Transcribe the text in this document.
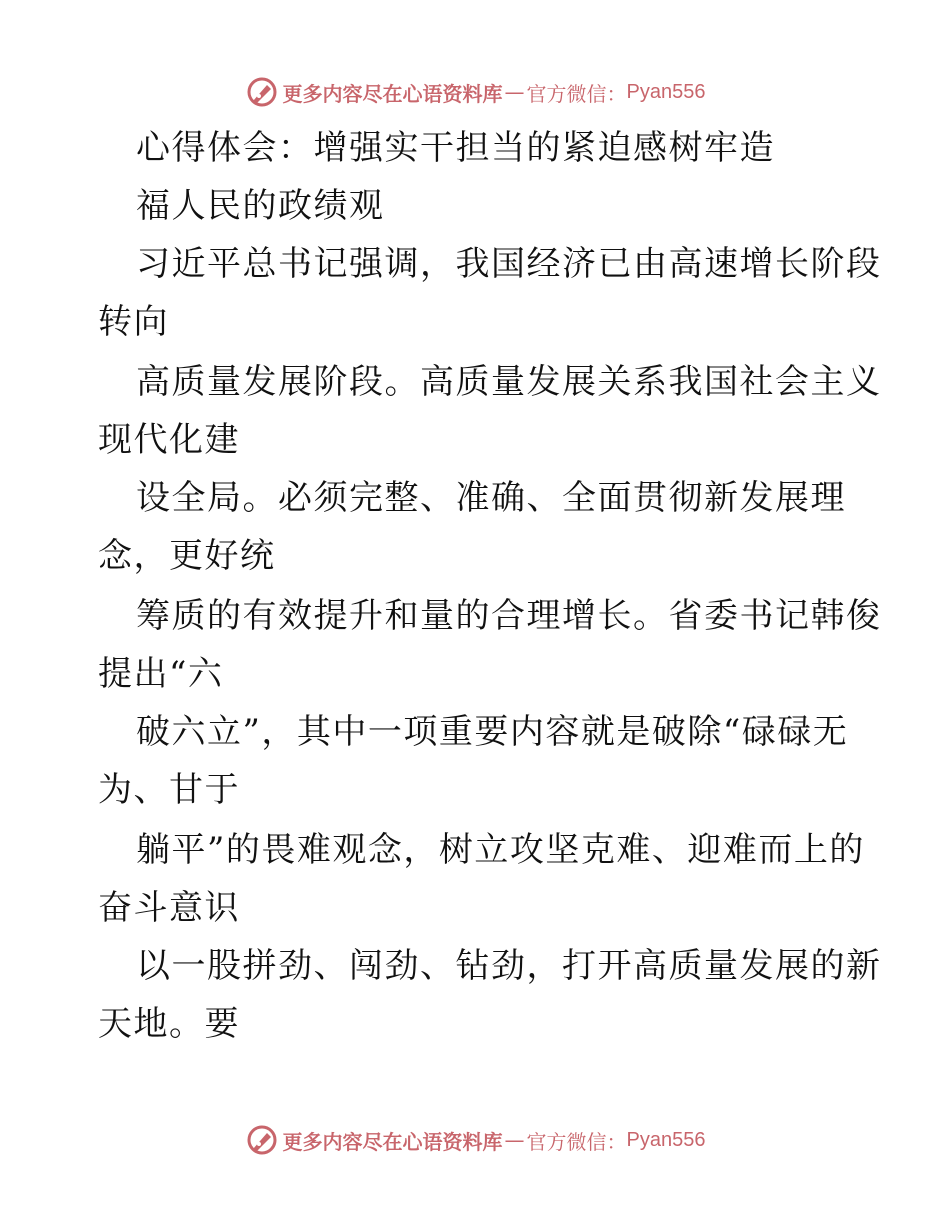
更多内容尽在心语资料库 — 官方微信： Pyan556
心得体会：增强实干担当的紧迫感树牢造
福人民的政绩观
习近平总书记强调，我国经济已由高速增长阶段
转向
高质量发展阶段。高质量发展关系我国社会主义
现代化建
设全局。必须完整、准确、全面贯彻新发展理
念，更好统
筹质的有效提升和量的合理增长。省委书记韩俊
提出“六
破六立”，其中一项重要内容就是破除“碌碌无
为、甘于
躺平”的畏难观念，树立攻坚克难、迎难而上的
奋斗意识
以一股拼劲、闯劲、钻劲，打开高质量发展的新
天地。要
更多内容尽在心语资料库 — 官方微信： Pyan556
